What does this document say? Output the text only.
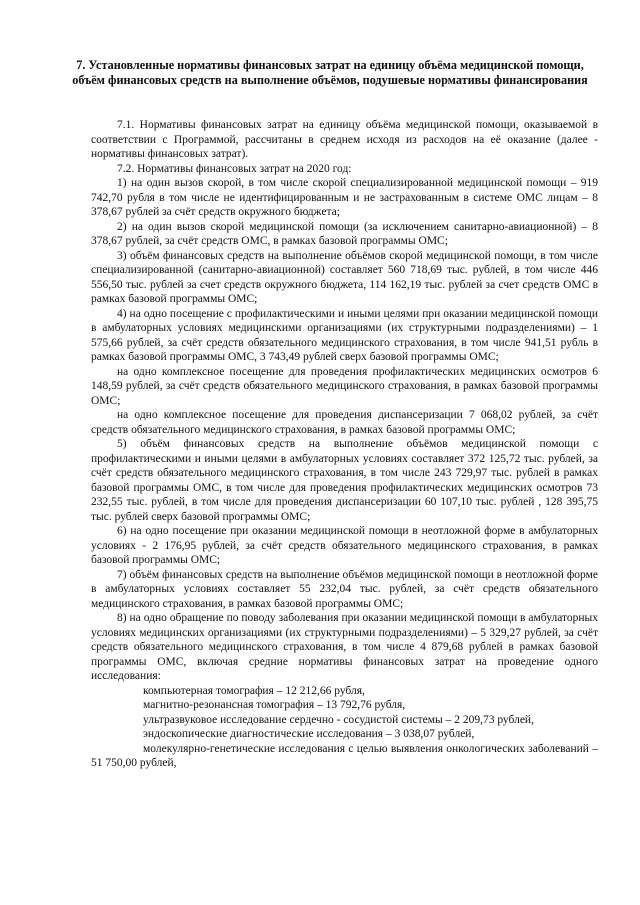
7. Установленные нормативы финансовых затрат на единицу объёма медицинской помощи, объём финансовых средств на выполнение объёмов, подушевые нормативы финансирования

7.1. Нормативы финансовых затрат на единицу объёма медицинской помощи, оказываемой в соответствии с Программой, рассчитаны в среднем исходя из расходов на её оказание (далее - нормативы финансовых затрат).

7.2. Нормативы финансовых затрат на 2020 год:

1) на один вызов скорой, в том числе скорой специализированной медицинской помощи – 919 742,70 рубля в том числе не идентифицированным и не застрахованным в системе ОМС лицам – 8 378,67 рублей за счёт средств окружного бюджета;

2) на один вызов скорой медицинской помощи (за исключением санитарно-авиационной) – 8 378,67 рублей, за счёт средств ОМС, в рамках базовой программы ОМС;

3) объём финансовых средств на выполнение объёмов скорой медицинской помощи, в том числе специализированной (санитарно-авиационной) составляет 560 718,69 тыс. рублей, в том числе 446 556,50 тыс. рублей за счет средств окружного бюджета, 114 162,19 тыс. рублей за счет средств ОМС в рамках базовой программы ОМС;

4) на одно посещение с профилактическими и иными целями при оказании медицинской помощи в амбулаторных условиях медицинскими организациями (их структурными подразделениями) – 1 575,66 рублей, за счёт средств обязательного медицинского страхования, в том числе 941,51 рубль в рамках базовой программы ОМС, 3 743,49 рублей сверх базовой программы ОМС;

на одно комплексное посещение для проведения профилактических медицинских осмотров 6 148,59 рублей, за счёт средств обязательного медицинского страхования, в рамках базовой программы ОМС;

на одно комплексное посещение для проведения диспансеризации 7 068,02 рублей, за счёт средств обязательного медицинского страхования, в рамках базовой программы ОМС;

5) объём финансовых средств на выполнение объёмов медицинской помощи с профилактическими и иными целями в амбулаторных условиях составляет 372 125,72 тыс. рублей, за счёт средств обязательного медицинского страхования, в том числе 243 729,97 тыс. рублей в рамках базовой программы ОМС, в том числе для проведения профилактических медицинских осмотров 73 232,55 тыс. рублей, в том числе для проведения диспансеризации 60 107,10 тыс. рублей , 128 395,75 тыс. рублей сверх базовой программы ОМС;

6) на одно посещение при оказании медицинской помощи в неотложной форме в амбулаторных условиях - 2 176,95 рублей, за счёт средств обязательного медицинского страхования, в рамках базовой программы ОМС;

7) объём финансовых средств на выполнение объёмов медицинской помощи в неотложной форме в амбулаторных условиях составляет 55 232,04 тыс. рублей, за счёт средств обязательного медицинского страхования, в рамках базовой программы ОМС;

8) на одно обращение по поводу заболевания при оказании медицинской помощи в амбулаторных условиях медицинских организациями (их структурными подразделениями) – 5 329,27 рублей, за счёт средств обязательного медицинского страхования, в том числе 4 879,68 рублей в рамках базовой программы ОМС, включая средние нормативы финансовых затрат на проведение одного исследования:

компьютерная томография – 12 212,66 рубля,

магнитно-резонансная томография – 13 792,76 рубля,

ультразвуковое исследование сердечно - сосудистой системы – 2 209,73 рублей,

эндоскопические диагностические исследования – 3 038,07 рублей,

молекулярно-генетические исследования с целью выявления онкологических заболеваний – 51 750,00 рублей,
